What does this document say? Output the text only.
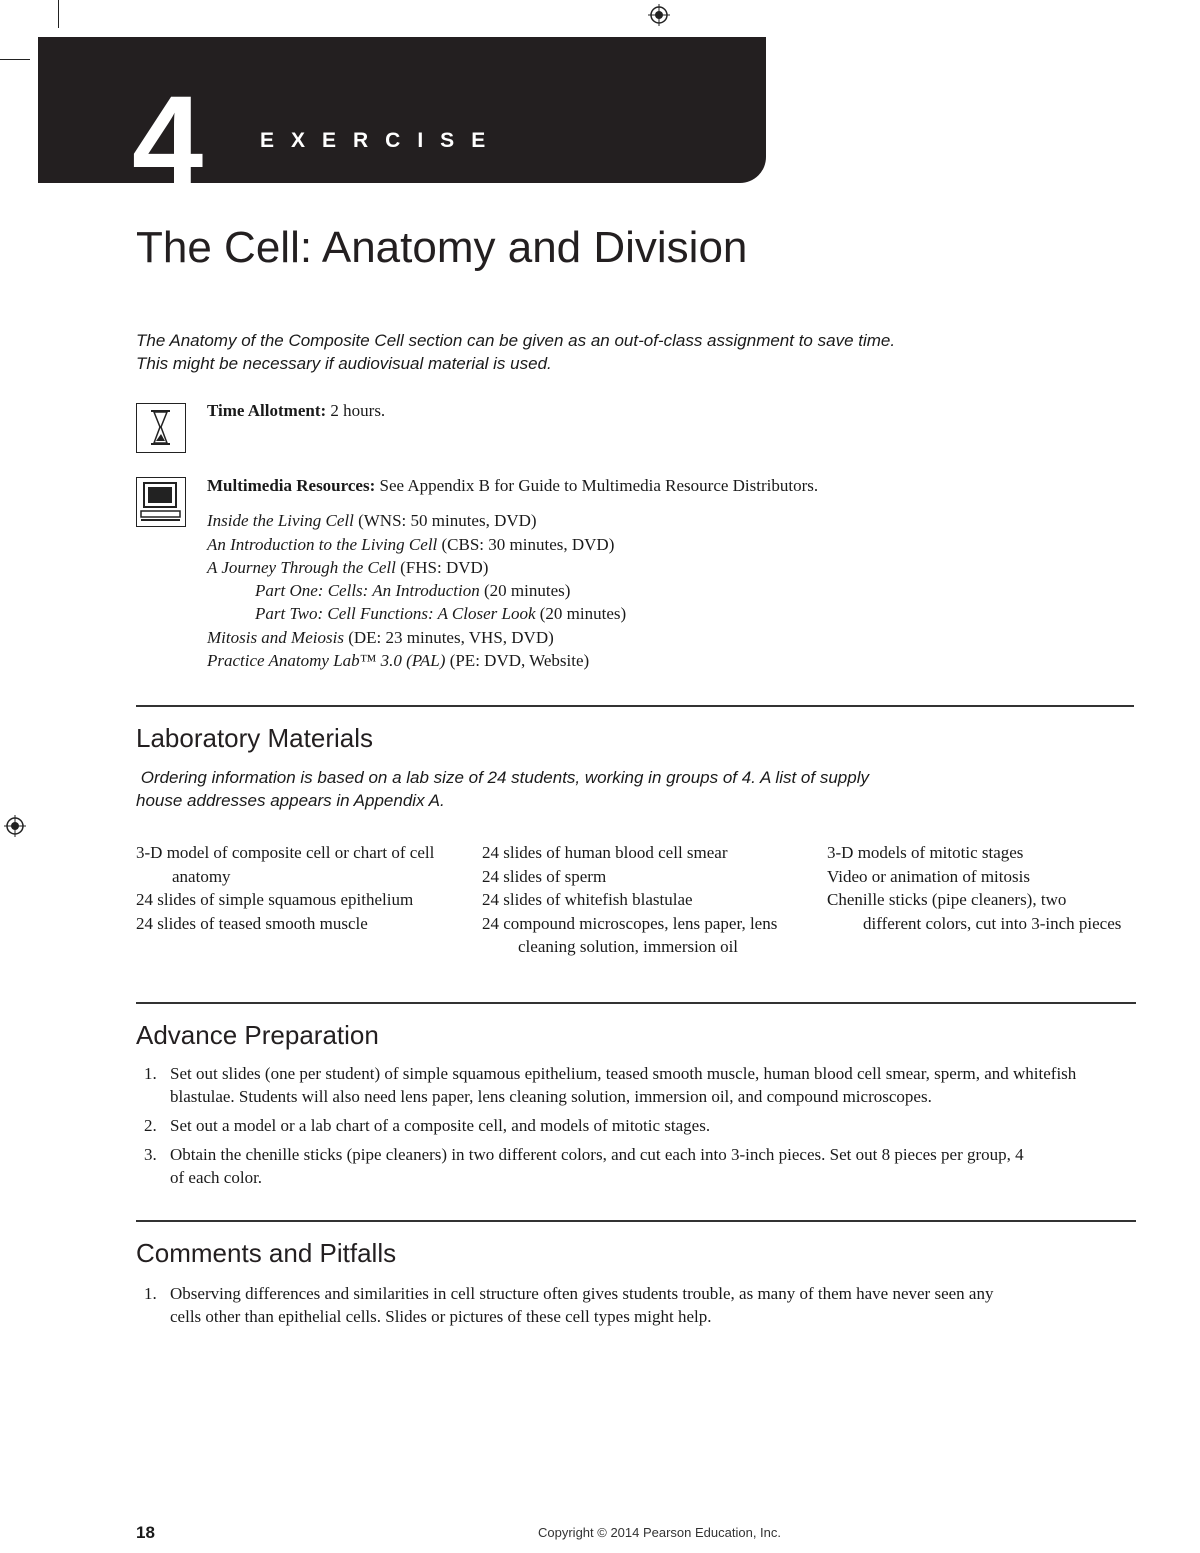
4	EXERCISE
The Cell: Anatomy and Division
The Anatomy of the Composite Cell section can be given as an out-of-class assignment to save time.
This might be necessary if audiovisual material is used.
Time Allotment: 2 hours.
Multimedia Resources: See Appendix B for Guide to Multimedia Resource Distributors.
Inside the Living Cell (WNS: 50 minutes, DVD)
An Introduction to the Living Cell (CBS: 30 minutes, DVD)
A Journey Through the Cell (FHS: DVD)
Part One: Cells: An Introduction (20 minutes)
Part Two: Cell Functions: A Closer Look (20 minutes)
Mitosis and Meiosis (DE: 23 minutes, VHS, DVD)
Practice Anatomy Lab™ 3.0 (PAL) (PE: DVD, Website)
Laboratory Materials
Ordering information is based on a lab size of 24 students, working in groups of 4. A list of supply
house addresses appears in Appendix A.
3-D model of composite cell or chart of cell anatomy
24 slides of simple squamous epithelium
24 slides of teased smooth muscle
24 slides of human blood cell smear
24 slides of sperm
24 slides of whitefish blastulae
24 compound microscopes, lens paper, lens cleaning solution, immersion oil
3-D models of mitotic stages
Video or animation of mitosis
Chenille sticks (pipe cleaners), two different colors, cut into 3-inch pieces
Advance Preparation
1. Set out slides (one per student) of simple squamous epithelium, teased smooth muscle, human blood cell smear, sperm, and whitefish blastulae. Students will also need lens paper, lens cleaning solution, immersion oil, and compound microscopes.
2. Set out a model or a lab chart of a composite cell, and models of mitotic stages.
3. Obtain the chenille sticks (pipe cleaners) in two different colors, and cut each into 3-inch pieces. Set out 8 pieces per group, 4 of each color.
Comments and Pitfalls
1. Observing differences and similarities in cell structure often gives students trouble, as many of them have never seen any cells other than epithelial cells. Slides or pictures of these cell types might help.
18	Copyright © 2014 Pearson Education, Inc.
